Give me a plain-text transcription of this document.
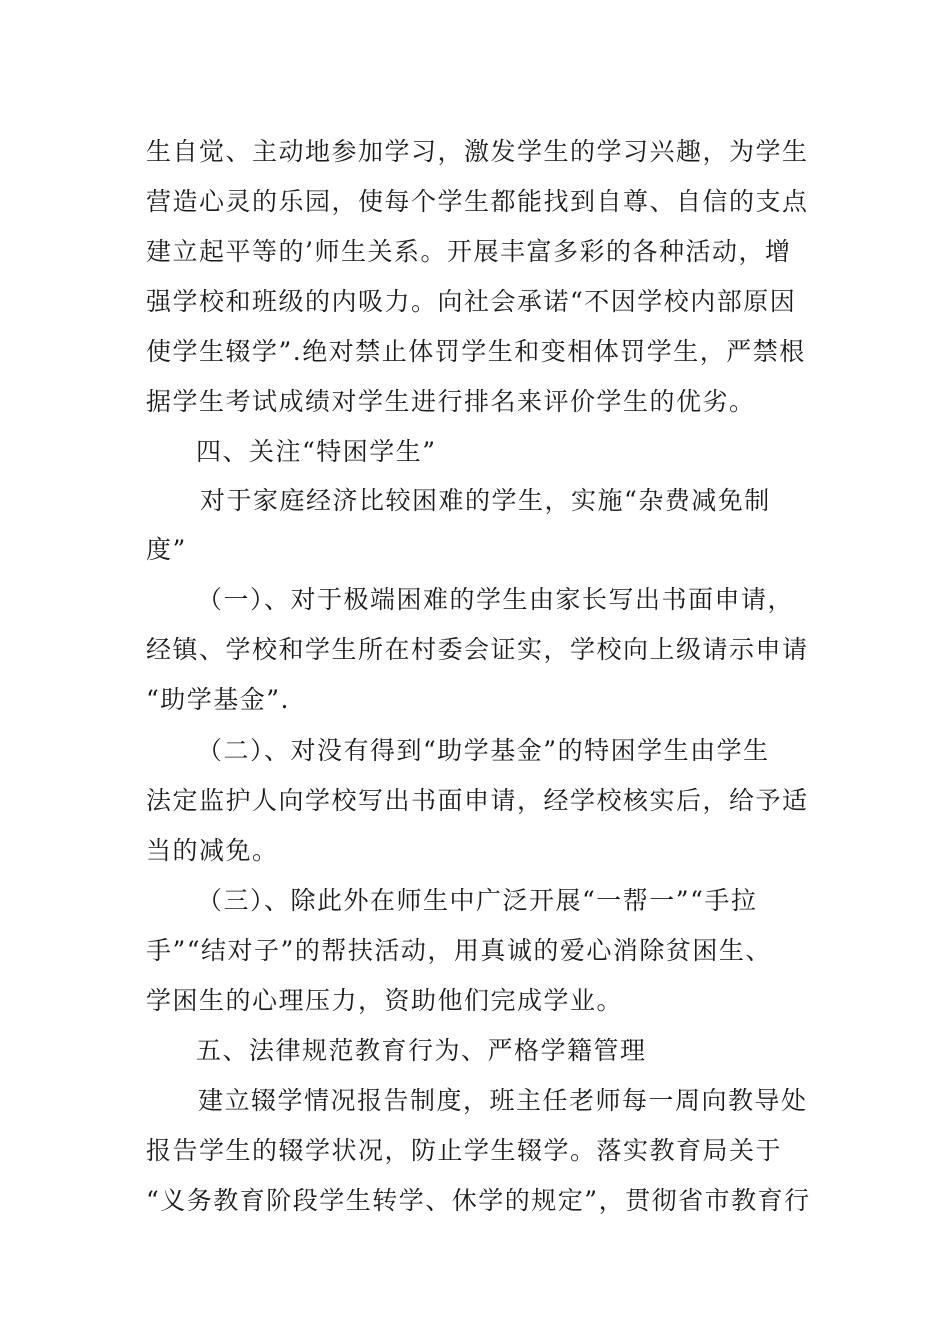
生自觉、主动地参加学习，激发学生的学习兴趣，为学生
营造心灵的乐园，使每个学生都能找到自尊、自信的支点
建立起平等的’师生关系。开展丰富多彩的各种活动，增
强学校和班级的内吸力。向社会承诺“不因学校内部原因
使学生辍学”.绝对禁止体罚学生和变相体罚学生，严禁根
据学生考试成绩对学生进行排名来评价学生的优劣。
四、关注“特困学生”
对于家庭经济比较困难的学生，实施“杂费减免制
度”
（一）、对于极端困难的学生由家长写出书面申请，
经镇、学校和学生所在村委会证实，学校向上级请示申请
“助学基金”.
（二）、对没有得到“助学基金”的特困学生由学生
法定监护人向学校写出书面申请，经学校核实后，给予适
当的减免。
（三）、除此外在师生中广泛开展“一帮一”“手拉
手”“结对子”的帮扶活动，用真诚的爱心消除贫困生、
学困生的心理压力，资助他们完成学业。
五、法律规范教育行为、严格学籍管理
建立辍学情况报告制度，班主任老师每一周向教导处
报告学生的辍学状况，防止学生辍学。落实教育局关于
“义务教育阶段学生转学、休学的规定”，贯彻省市教育行
